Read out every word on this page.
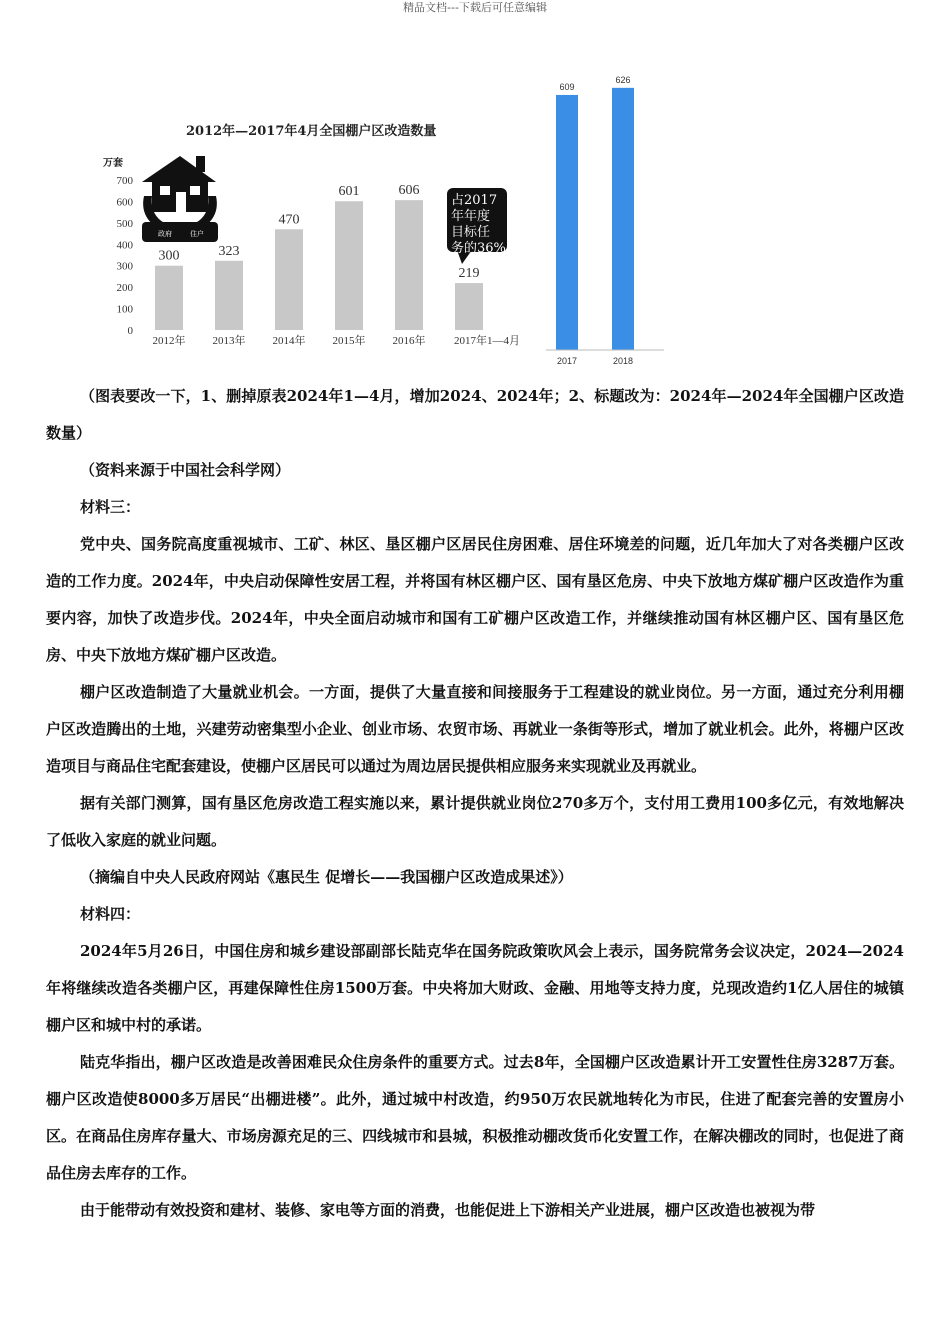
精品文档---下载后可任意编辑
2012年—2017年4月全国棚户区改造数量
万套
0
100
200
300
400
500
600
700
300	323
470
601	606
219
政府	住户
占2017
年年度
目标任
务的36%
2012年 2013年 2014年 2015年 2016年	2017年1—4月
609
626
2017	2018

（图表要改一下，1、删掉原表2024年1—4月，增加2024、2024年；2、标题改为：2024年—2024年全国棚户区改造数量）

（资料来源于中国社会科学网）

材料三：

党中央、国务院高度重视城市、工矿、林区、垦区棚户区居民住房困难、居住环境差的问题，近几年加大了对各类棚户区改造的工作力度。2024年，中央启动保障性安居工程，并将国有林区棚户区、国有垦区危房、中央下放地方煤矿棚户区改造作为重要内容，加快了改造步伐。2024年，中央全面启动城市和国有工矿棚户区改造工作，并继续推动国有林区棚户区、国有垦区危房、中央下放地方煤矿棚户区改造。

棚户区改造制造了大量就业机会。一方面，提供了大量直接和间接服务于工程建设的就业岗位。另一方面，通过充分利用棚户区改造腾出的土地，兴建劳动密集型小企业、创业市场、农贸市场、再就业一条街等形式，增加了就业机会。此外，将棚户区改造项目与商品住宅配套建设，使棚户区居民可以通过为周边居民提供相应服务来实现就业及再就业。

据有关部门测算，国有垦区危房改造工程实施以来，累计提供就业岗位270多万个，支付用工费用100多亿元，有效地解决了低收入家庭的就业问题。

（摘编自中央人民政府网站《惠民生 促增长——我国棚户区改造成果述》）

材料四：

2024年5月26日，中国住房和城乡建设部副部长陆克华在国务院政策吹风会上表示，国务院常务会议决定，2024—2024年将继续改造各类棚户区，再建保障性住房1500万套。中央将加大财政、金融、用地等支持力度，兑现改造约1亿人居住的城镇棚户区和城中村的承诺。

陆克华指出，棚户区改造是改善困难民众住房条件的重要方式。过去8年，全国棚户区改造累计开工安置性住房3287万套。棚户区改造使8000多万居民“出棚进楼”。此外，通过城中村改造，约950万农民就地转化为市民，住进了配套完善的安置房小区。在商品住房库存量大、市场房源充足的三、四线城市和县城，积极推动棚改货币化安置工作，在解决棚改的同时，也促进了商品住房去库存的工作。

由于能带动有效投资和建材、装修、家电等方面的消费，也能促进上下游相关产业进展，棚户区改造也被视为带
